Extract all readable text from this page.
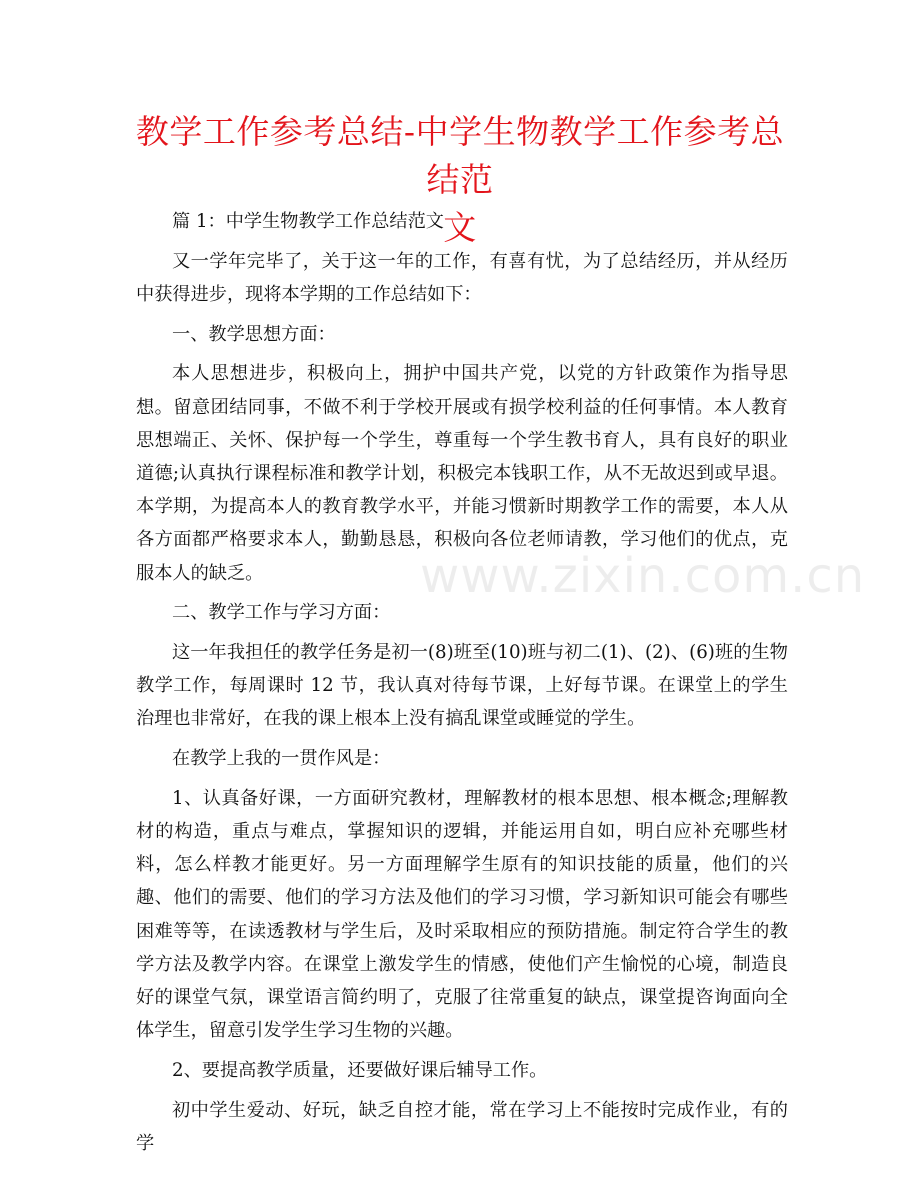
教学工作参考总结-中学生物教学工作参考总结范
文

篇 1：中学生物教学工作总结范文

又一学年完毕了，关于这一年的工作，有喜有忧，为了总结经历，并从经历中获得进步，现将本学期的工作总结如下：

一、教学思想方面：

本人思想进步，积极向上，拥护中国共产党，以党的方针政策作为指导思想。留意团结同事，不做不利于学校开展或有损学校利益的任何事情。本人教育思想端正、关怀、保护每一个学生，尊重每一个学生教书育人，具有良好的职业道德;认真执行课程标准和教学计划，积极完本钱职工作，从不无故迟到或早退。本学期，为提高本人的教育教学水平，并能习惯新时期教学工作的需要，本人从各方面都严格要求本人，勤勤恳恳，积极向各位老师请教，学习他们的优点，克服本人的缺乏。

二、教学工作与学习方面：

这一年我担任的教学任务是初一(8)班至(10)班与初二(1)、(2)、(6)班的生物教学工作，每周课时 12 节，我认真对待每节课，上好每节课。在课堂上的学生治理也非常好，在我的课上根本上没有搞乱课堂或睡觉的学生。

在教学上我的一贯作风是：

1、认真备好课，一方面研究教材，理解教材的根本思想、根本概念;理解教材的构造，重点与难点，掌握知识的逻辑，并能运用自如，明白应补充哪些材料，怎么样教才能更好。另一方面理解学生原有的知识技能的质量，他们的兴趣、他们的需要、他们的学习方法及他们的学习习惯，学习新知识可能会有哪些困难等等，在读透教材与学生后，及时采取相应的预防措施。制定符合学生的教学方法及教学内容。在课堂上激发学生的情感，使他们产生愉悦的心境，制造良好的课堂气氛，课堂语言简约明了，克服了往常重复的缺点，课堂提咨询面向全体学生，留意引发学生学习生物的兴趣。

2、要提高教学质量，还要做好课后辅导工作。

初中学生爱动、好玩，缺乏自控才能，常在学习上不能按时完成作业，有的学

www.zixin.com.cn
